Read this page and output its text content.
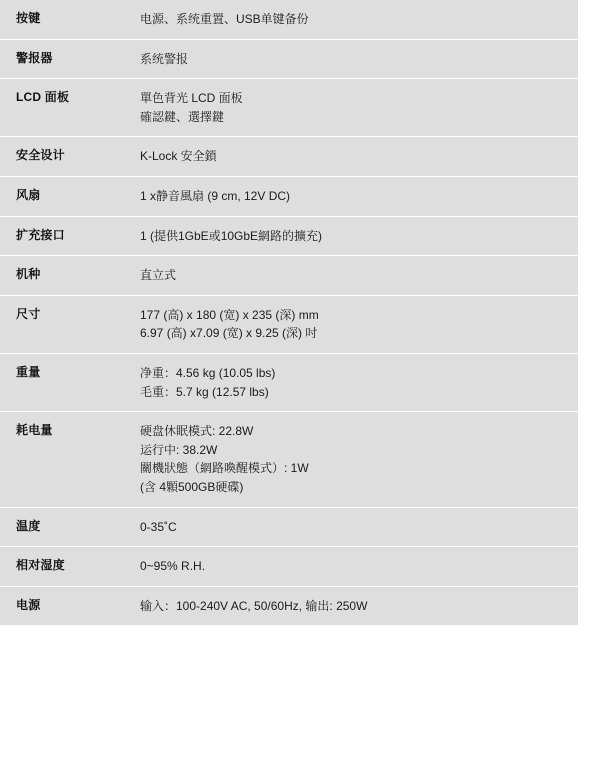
按键	电源、系统重置、USB单键备份

警报器	系统警报

LCD 面板	單色背光 LCD 面板
確認鍵、選擇鍵

安全设计	K-Lock 安全鎖

风扇	1 x静音風扇 (9 cm, 12V DC)

扩充接口	1 (提供1GbE或10GbE網路的擴充)

机种	直立式

尺寸	177 (高) x 180 (宽) x 235 (深) mm
6.97 (高) x7.09 (宽) x 9.25 (深) 吋

重量	净重：4.56 kg (10.05 lbs)
毛重：5.7 kg (12.57 lbs)

耗电量	硬盘休眠模式: 22.8W
运行中: 38.2W
關機狀態（網路喚醒模式）: 1W
(含 4顆500GB硬碟)

温度	0-35˚C

相对湿度	0~95% R.H.

电源	输入：100-240V AC, 50/60Hz, 输出: 250W
